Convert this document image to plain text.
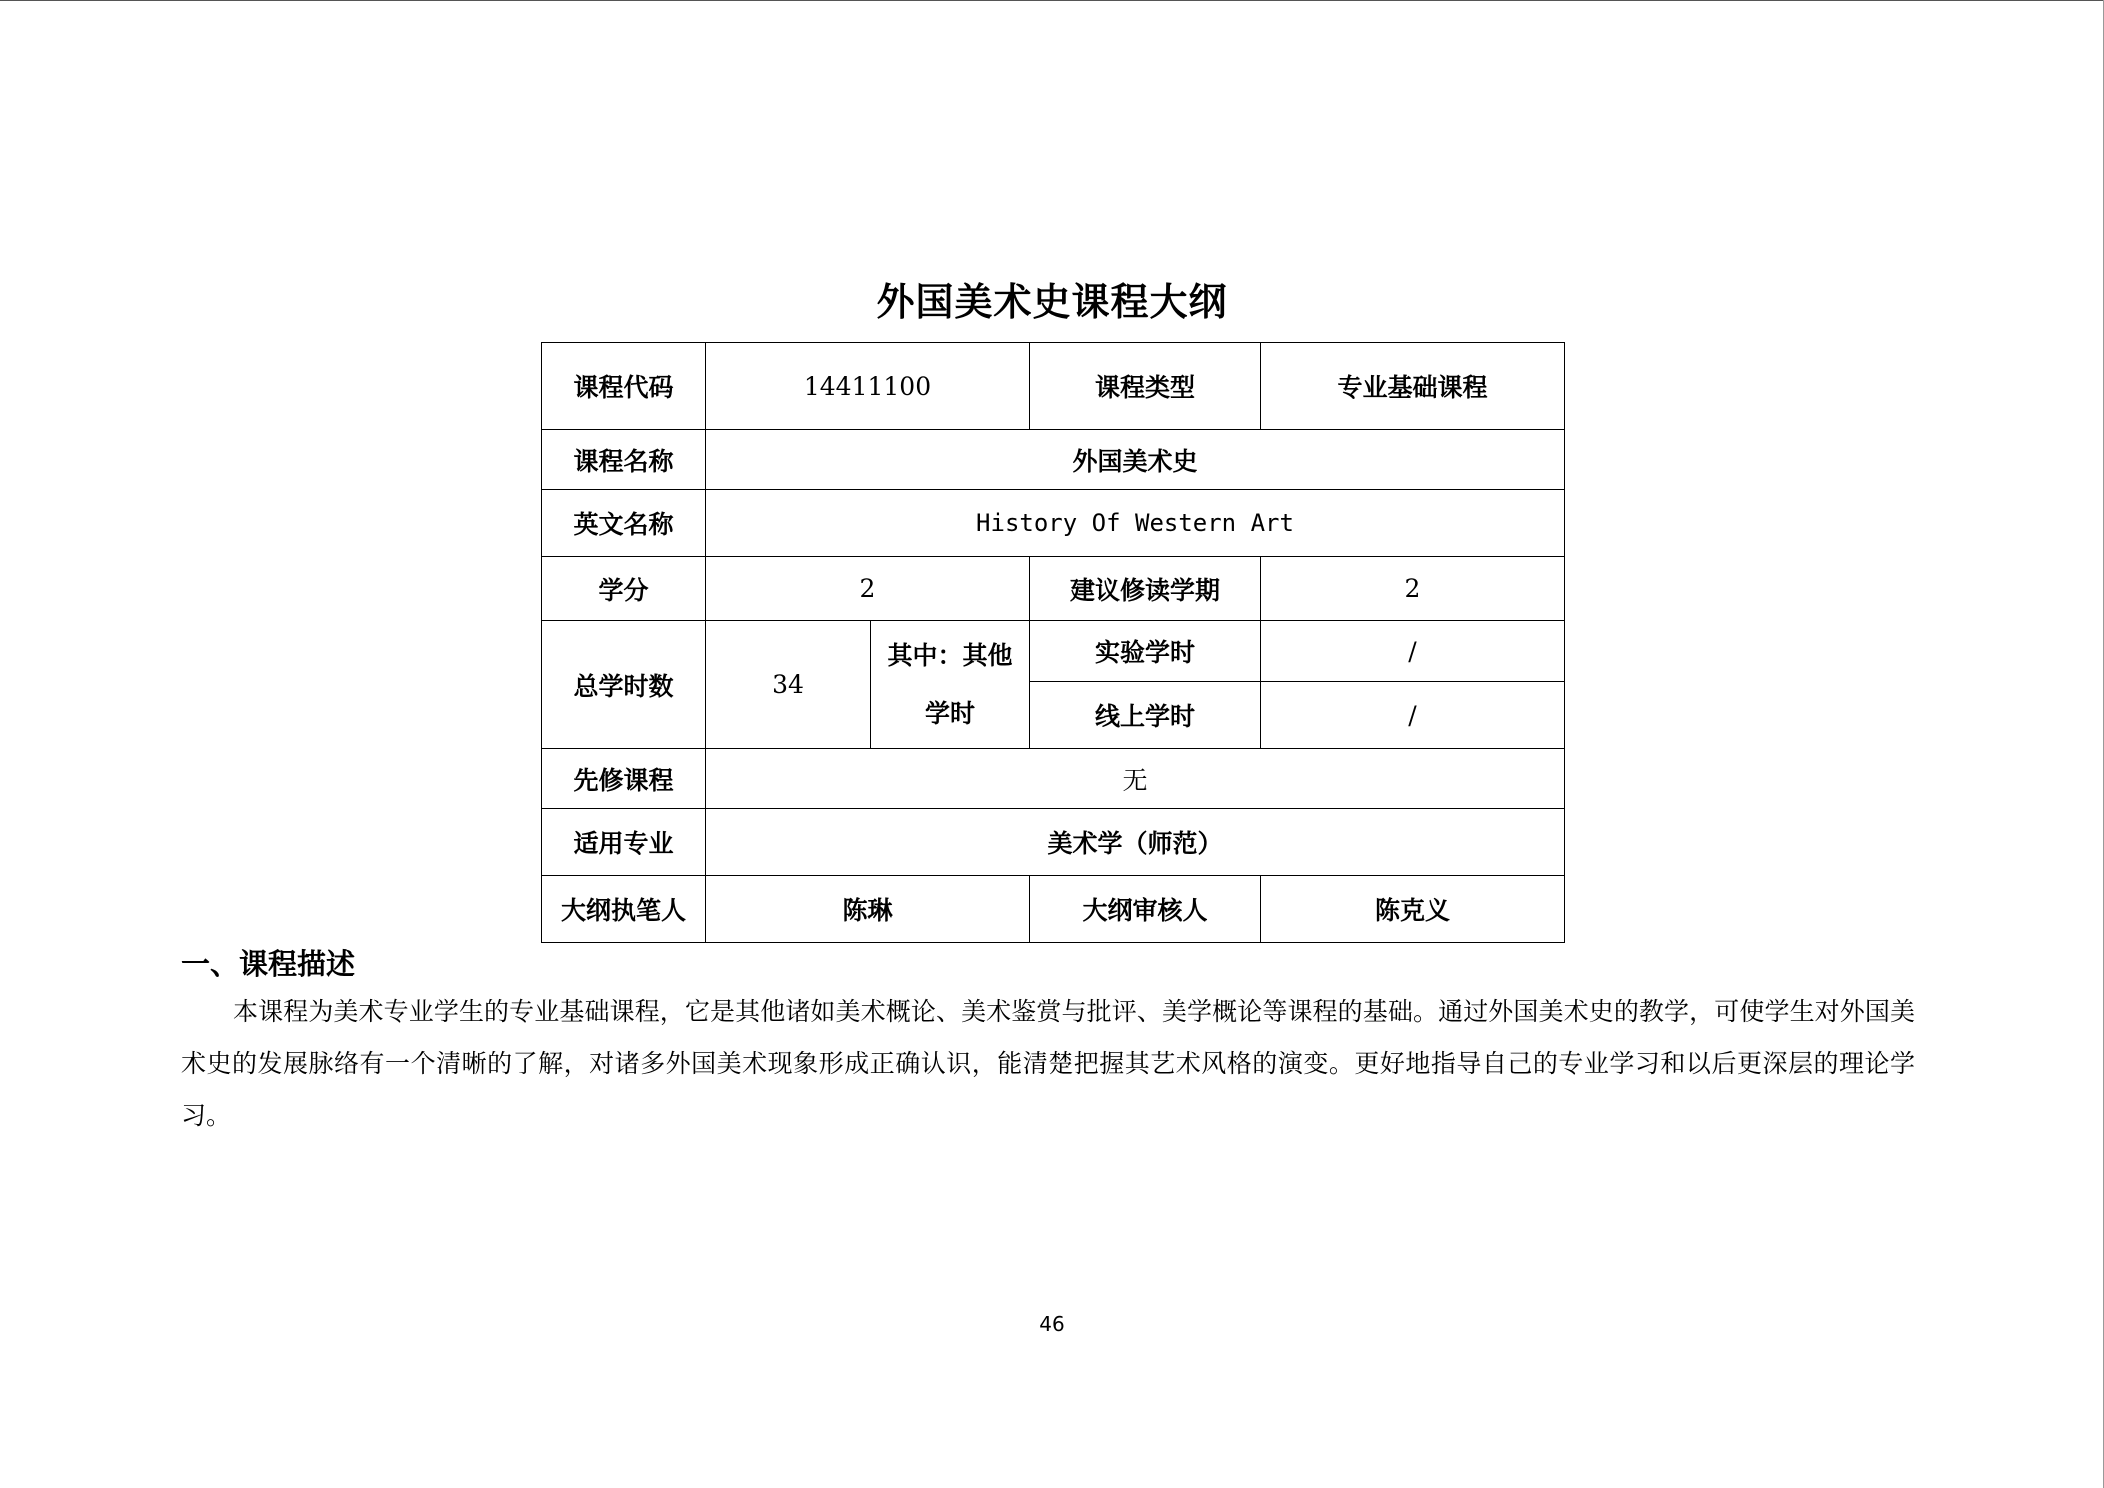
外国美术史课程大纲
课程代码	14411100		课程类型	专业基础课程
课程名称	外国美术史			
英文名称	History Of Western Art			
学分	2		建议修读学期	2
总学时数	34	其中：其他学时	实验学时	/
			线上学时	/
先修课程	无			
适用专业	美术学（师范）			
大纲执笔人	陈琳		大纲审核人	陈克义
一、课程描述

本课程为美术专业学生的专业基础课程，它是其他诸如美术概论、美术鉴赏与批评、美学概论等课程的基础。通过外国美术史的教学，可使学生对外国美术史的发展脉络有一个清晰的了解，对诸多外国美术现象形成正确认识，能清楚把握其艺术风格的演变。更好地指导自己的专业学习和以后更深层的理论学习。

46
